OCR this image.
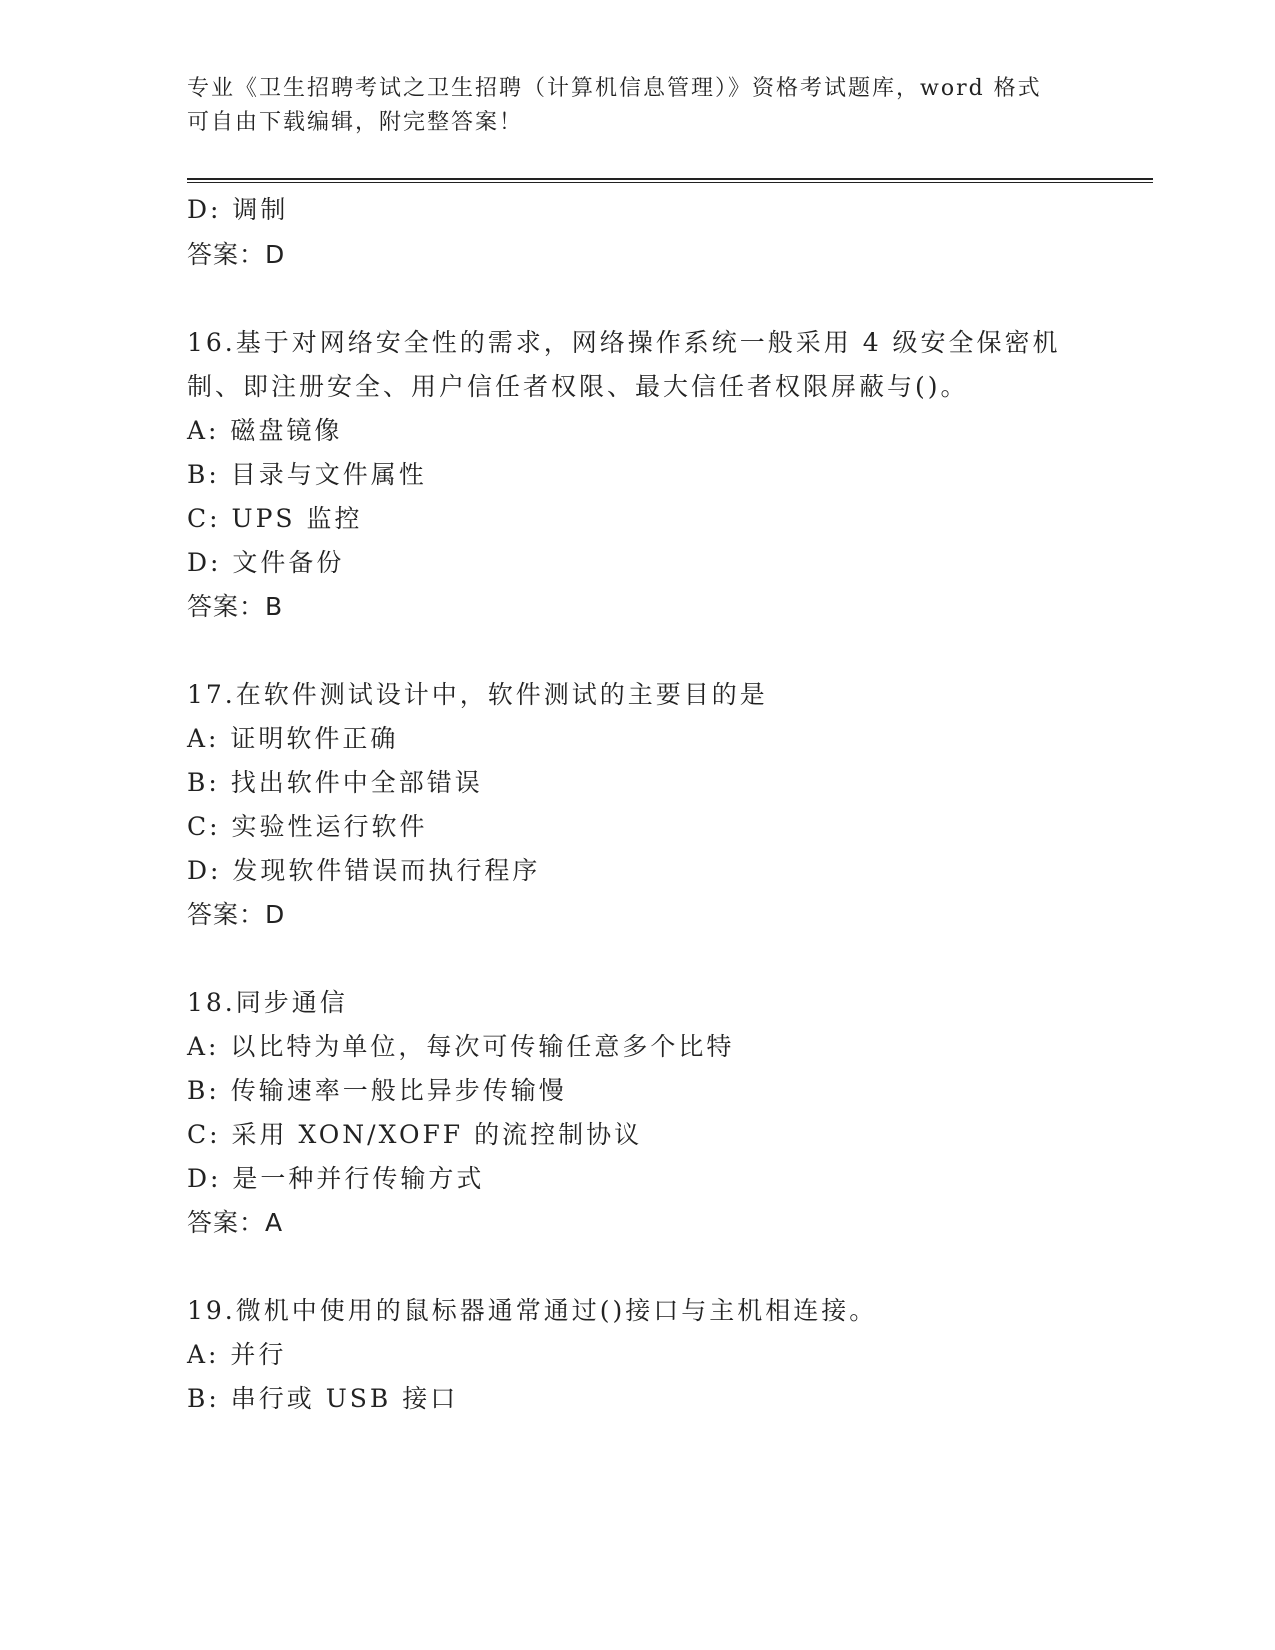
专业《卫生招聘考试之卫生招聘（计算机信息管理）》资格考试题库，word 格式
可自由下载编辑，附完整答案！
D: 调制
答案：D
16.基于对网络安全性的需求，网络操作系统一般采用 4 级安全保密机
制、即注册安全、用户信任者权限、最大信任者权限屏蔽与()。
A: 磁盘镜像
B: 目录与文件属性
C: UPS 监控
D: 文件备份
答案：B
17.在软件测试设计中，软件测试的主要目的是
A: 证明软件正确
B: 找出软件中全部错误
C: 实验性运行软件
D: 发现软件错误而执行程序
答案：D
18.同步通信
A: 以比特为单位，每次可传输任意多个比特
B: 传输速率一般比异步传输慢
C: 采用 XON/XOFF 的流控制协议
D: 是一种并行传输方式
答案：A
19.微机中使用的鼠标器通常通过()接口与主机相连接。
A: 并行
B: 串行或 USB 接口
